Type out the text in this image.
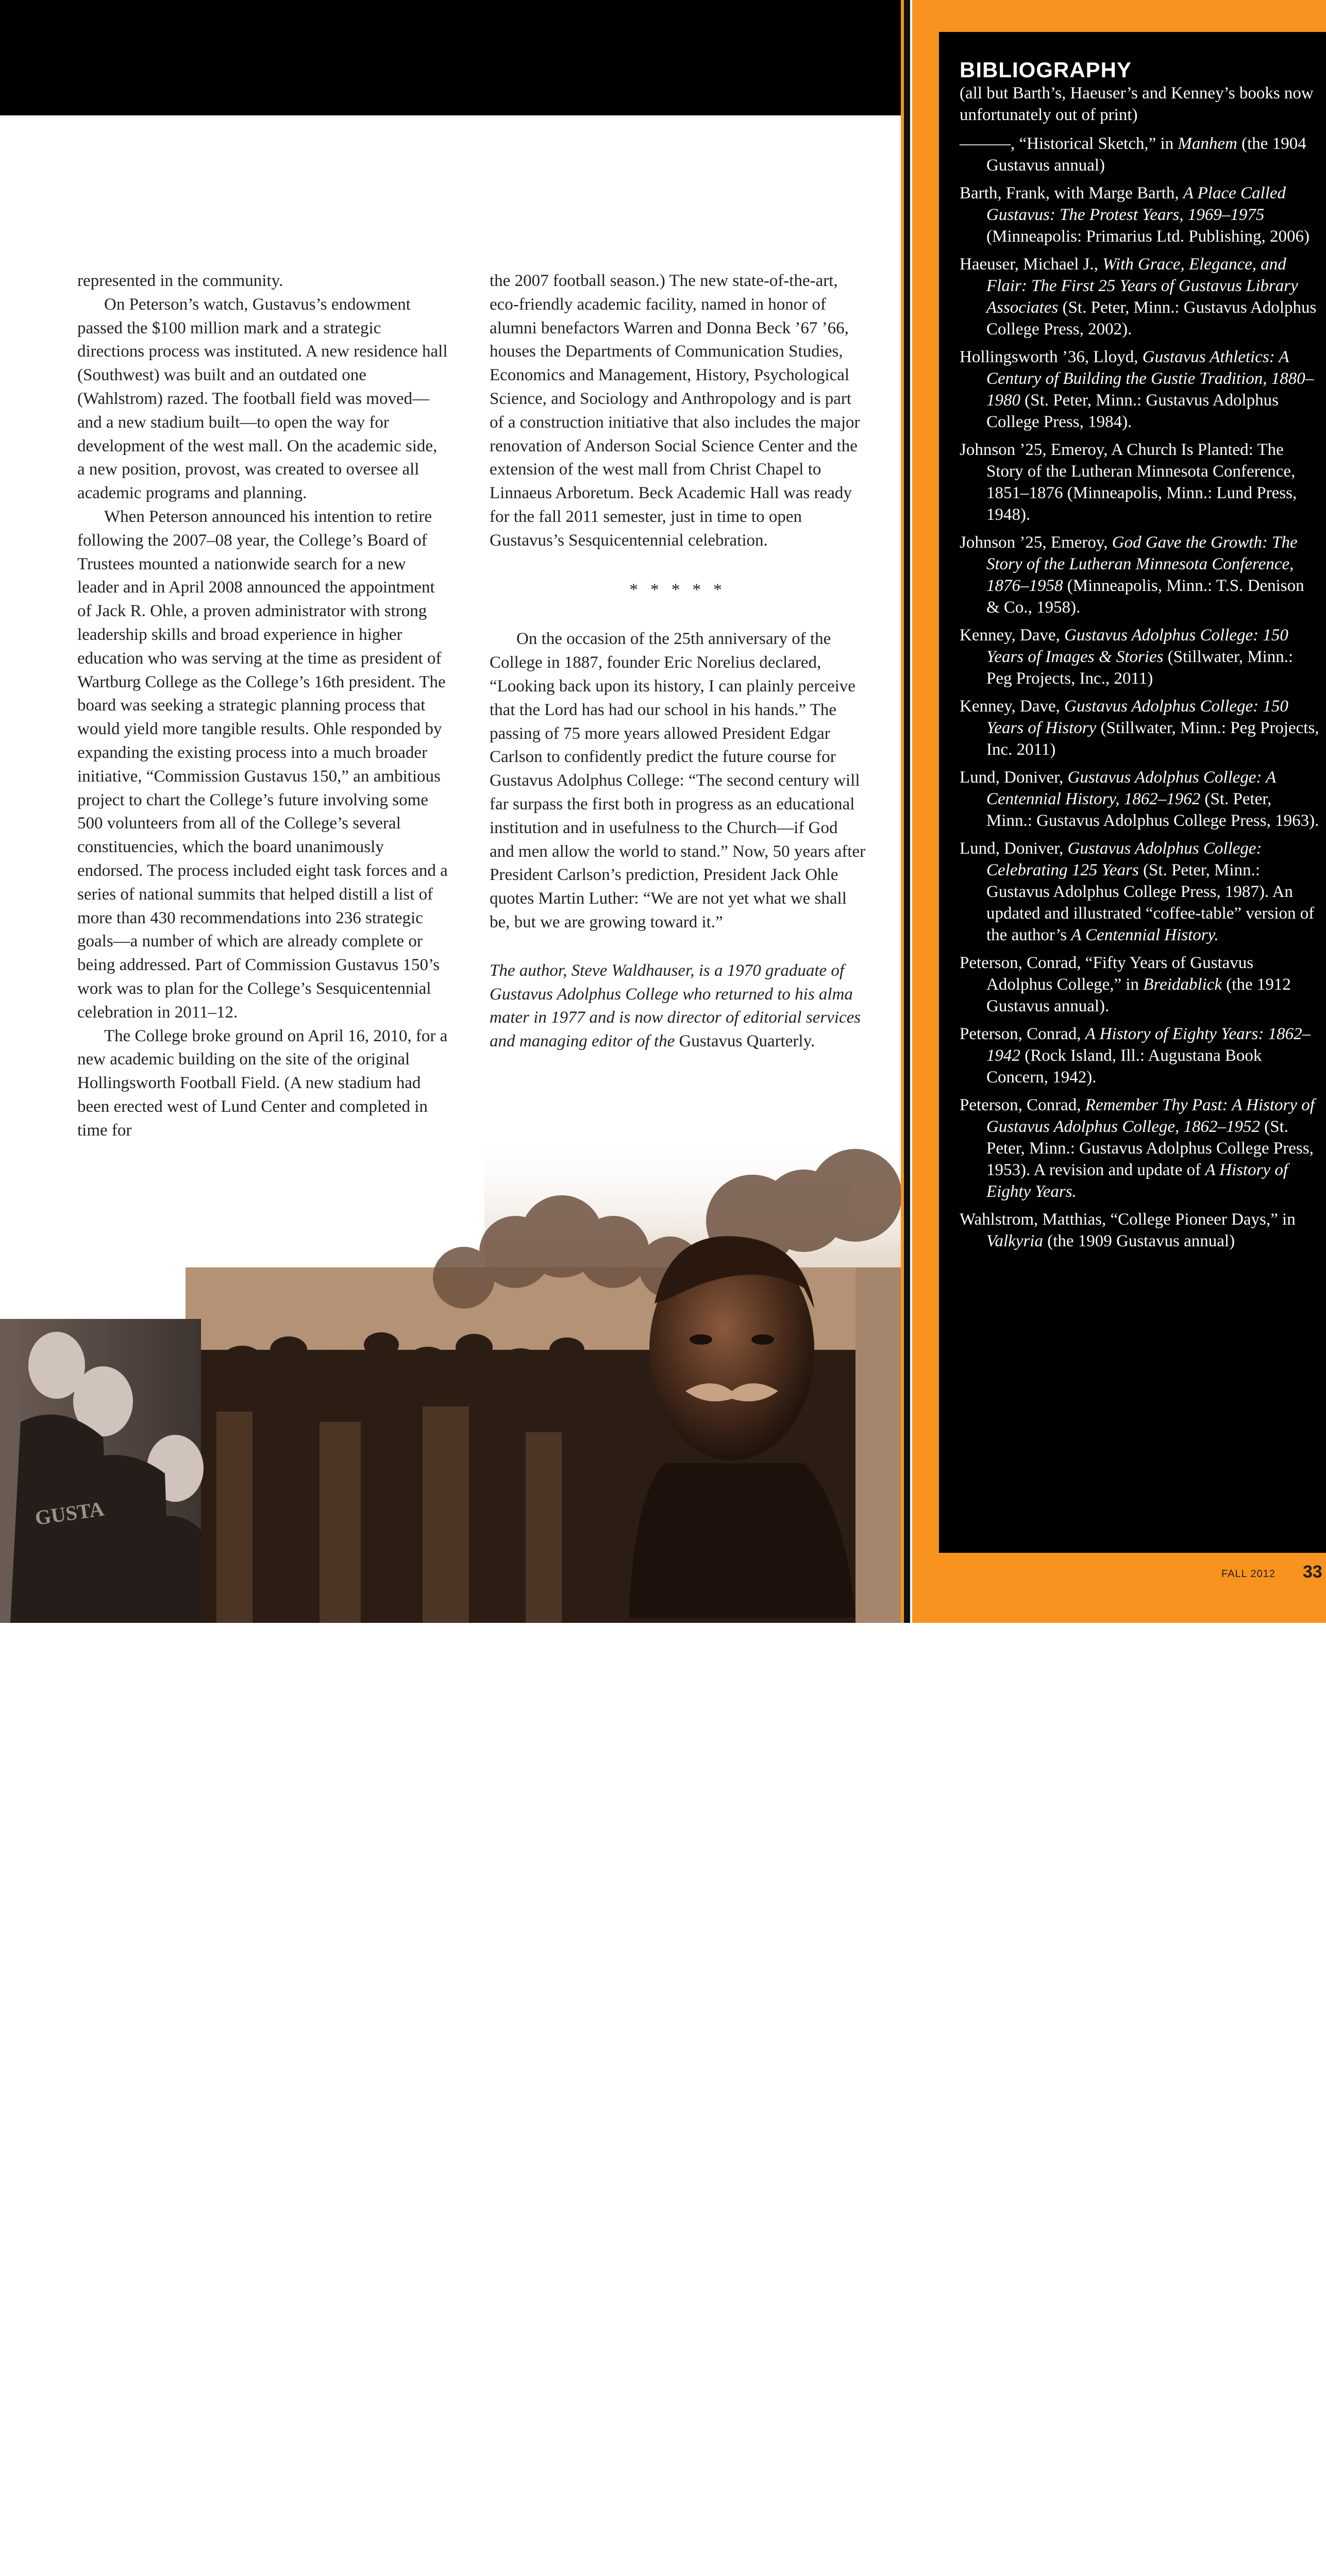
represented in the community.

On Peterson’s watch, Gustavus’s endowment passed the $100 million mark and a strategic directions process was instituted. A new residence hall (Southwest) was built and an outdated one (Wahlstrom) razed. The football field was moved—and a new stadium built—to open the way for development of the west mall. On the academic side, a new position, provost, was created to oversee all academic programs and planning.

When Peterson announced his intention to retire following the 2007–08 year, the College’s Board of Trustees mounted a nationwide search for a new leader and in April 2008 announced the appointment of Jack R. Ohle, a proven administrator with strong leadership skills and broad experience in higher education who was serving at the time as president of Wartburg College as the College’s 16th president. The board was seeking a strategic planning process that would yield more tangible results. Ohle responded by expanding the existing process into a much broader initiative, “Commission Gustavus 150,” an ambitious project to chart the College’s future involving some 500 volunteers from all of the College’s several constituencies, which the board unanimously endorsed. The process included eight task forces and a series of national summits that helped distill a list of more than 430 recommendations into 236 strategic goals—a number of which are already complete or being addressed. Part of Commission Gustavus 150’s work was to plan for the College’s Sesquicentennial celebration in 2011–12.

The College broke ground on April 16, 2010, for a new academic building on the site of the original Hollingsworth Football Field. (A new stadium had been erected west of Lund Center and completed in time for

the 2007 football season.) The new state-of-the-art, eco-friendly academic facility, named in honor of alumni benefactors Warren and Donna Beck ’67 ’66, houses the Departments of Communication Studies, Economics and Management, History, Psychological Science, and Sociology and Anthropology and is part of a construction initiative that also includes the major renovation of Anderson Social Science Center and the extension of the west mall from Christ Chapel to Linnaeus Arboretum. Beck Academic Hall was ready for the fall 2011 semester, just in time to open Gustavus’s Sesquicentennial celebration.

* * * * *

On the occasion of the 25th anniversary of the College in 1887, founder Eric Norelius declared, “Looking back upon its history, I can plainly perceive that the Lord has had our school in his hands.” The passing of 75 more years allowed President Edgar Carlson to confidently predict the future course for Gustavus Adolphus College: “The second century will far surpass the first both in progress as an educational institution and in usefulness to the Church—if God and men allow the world to stand.” Now, 50 years after President Carlson’s prediction, President Jack Ohle quotes Martin Luther: “We are not yet what we shall be, but we are growing toward it.”

The author, Steve Waldhauser, is a 1970 graduate of Gustavus Adolphus College who returned to his alma mater in 1977 and is now director of editorial services and managing editor of the Gustavus Quarterly.

GUSTA
BIBLIOGRAPHY
(all but Barth’s, Haeuser’s and Kenney’s books now unfortunately out of print)
———, “Historical Sketch,” in Manhem (the 1904 Gustavus annual)
Barth, Frank, with Marge Barth, A Place Called Gustavus: The Protest Years, 1969–1975 (Minneapolis: Primarius Ltd. Publishing, 2006)
Haeuser, Michael J., With Grace, Elegance, and Flair: The First 25 Years of Gustavus Library Associates (St. Peter, Minn.: Gustavus Adolphus College Press, 2002).
Hollingsworth ’36, Lloyd, Gustavus Athletics: A Century of Building the Gustie Tradition, 1880–1980 (St. Peter, Minn.: Gustavus Adolphus College Press, 1984).
Johnson ’25, Emeroy, A Church Is Planted: The Story of the Lutheran Minnesota Conference, 1851–1876 (Minneapolis, Minn.: Lund Press, 1948).
Johnson ’25, Emeroy, God Gave the Growth: The Story of the Lutheran Minnesota Conference, 1876–1958 (Minneapolis, Minn.: T.S. Denison & Co., 1958).
Kenney, Dave, Gustavus Adolphus College: 150 Years of Images & Stories (Stillwater, Minn.: Peg Projects, Inc., 2011)
Kenney, Dave, Gustavus Adolphus College: 150 Years of History (Stillwater, Minn.: Peg Projects, Inc. 2011)
Lund, Doniver, Gustavus Adolphus College: A Centennial History, 1862–1962 (St. Peter, Minn.: Gustavus Adolphus College Press, 1963).
Lund, Doniver, Gustavus Adolphus College: Celebrating 125 Years (St. Peter, Minn.: Gustavus Adolphus College Press, 1987). An updated and illustrated “coffee-table” version of the author’s A Centennial History.
Peterson, Conrad, “Fifty Years of Gustavus Adolphus College,” in Breidablick (the 1912 Gustavus annual).
Peterson, Conrad, A History of Eighty Years: 1862–1942 (Rock Island, Ill.: Augustana Book Concern, 1942).
Peterson, Conrad, Remember Thy Past: A History of Gustavus Adolphus College, 1862–1952 (St. Peter, Minn.: Gustavus Adolphus College Press, 1953). A revision and update of A History of Eighty Years.
Wahlstrom, Matthias, “College Pioneer Days,” in Valkyria (the 1909 Gustavus annual)
FALL 2012 33
